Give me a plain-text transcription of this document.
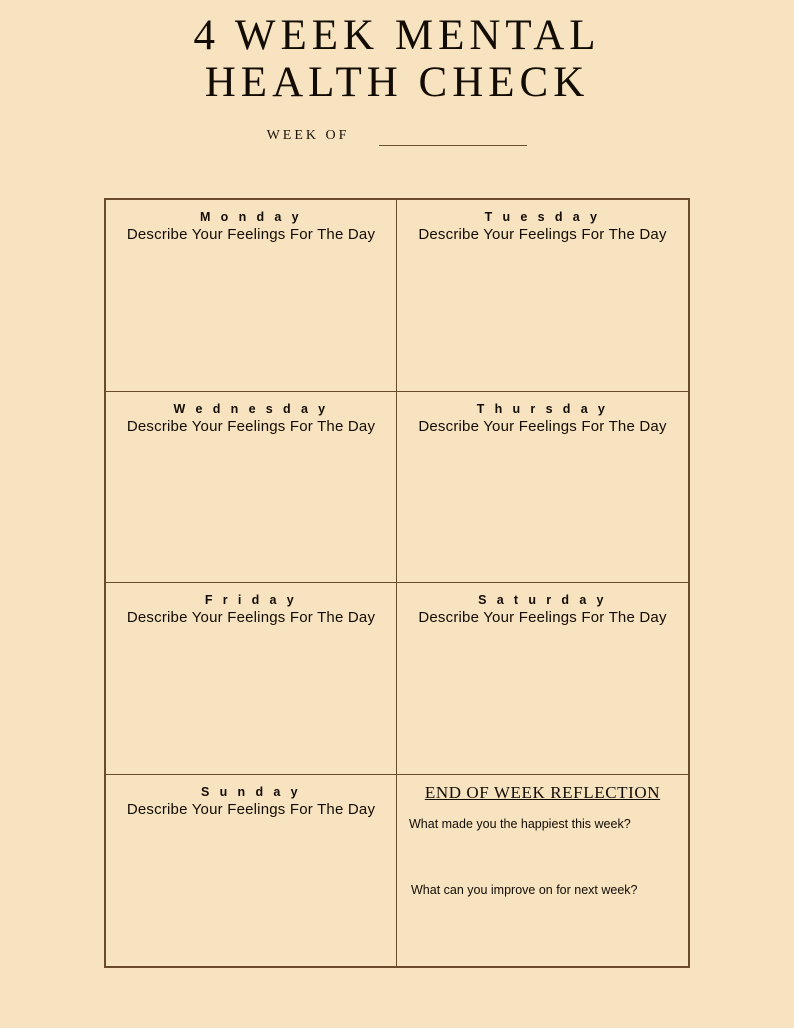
4 WEEK MENTAL
HEALTH CHECK
WEEK OF
M o n d a y
Describe Your Feelings For The Day
T u e s d a y
Describe Your Feelings For The Day
W e d n e s d a y
Describe Your Feelings For The Day
T h u r s d a y
Describe Your Feelings For The Day
F r i d a y
Describe Your Feelings For The Day
S a t u r d a y
Describe Your Feelings For The Day
S u n d a y
Describe Your Feelings For The Day
END OF WEEK REFLECTION
What made you the happiest this week?
What can you improve on for next week?
